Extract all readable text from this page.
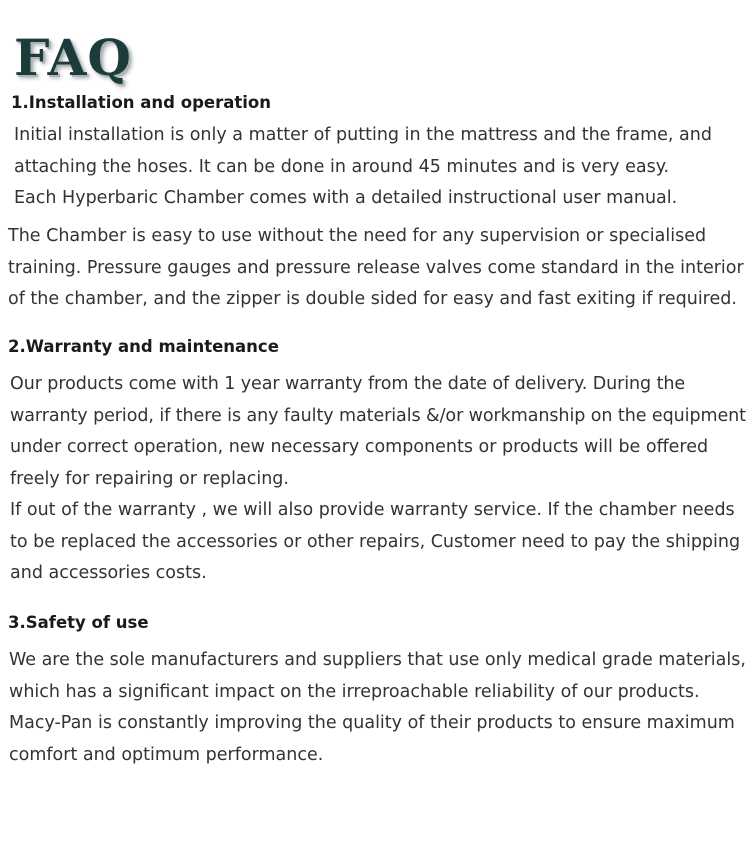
FAQ
1.Installation and operation
Initial installation is only a matter of putting in the mattress and the frame, and
attaching the hoses. It can be done in around 45 minutes and is very easy.
Each Hyperbaric Chamber comes with a detailed instructional user manual.
The Chamber is easy to use without the need for any supervision or specialised
training. Pressure gauges and pressure release valves come standard in the interior
of the chamber, and the zipper is double sided for easy and fast exiting if required.
2.Warranty and maintenance
Our products come with 1 year warranty from the date of delivery. During the
warranty period, if there is any faulty materials &/or workmanship on the equipment
under correct operation, new necessary components or products will be offered
freely for repairing or replacing.
If out of the warranty , we will also provide warranty service. If the chamber needs
to be replaced the accessories or other repairs, Customer need to pay the shipping
and accessories costs.
3.Safety of use
We are the sole manufacturers and suppliers that use only medical grade materials,
which has a significant impact on the irreproachable reliability of our products.
Macy-Pan is constantly improving the quality of their products to ensure maximum
comfort and optimum performance.
